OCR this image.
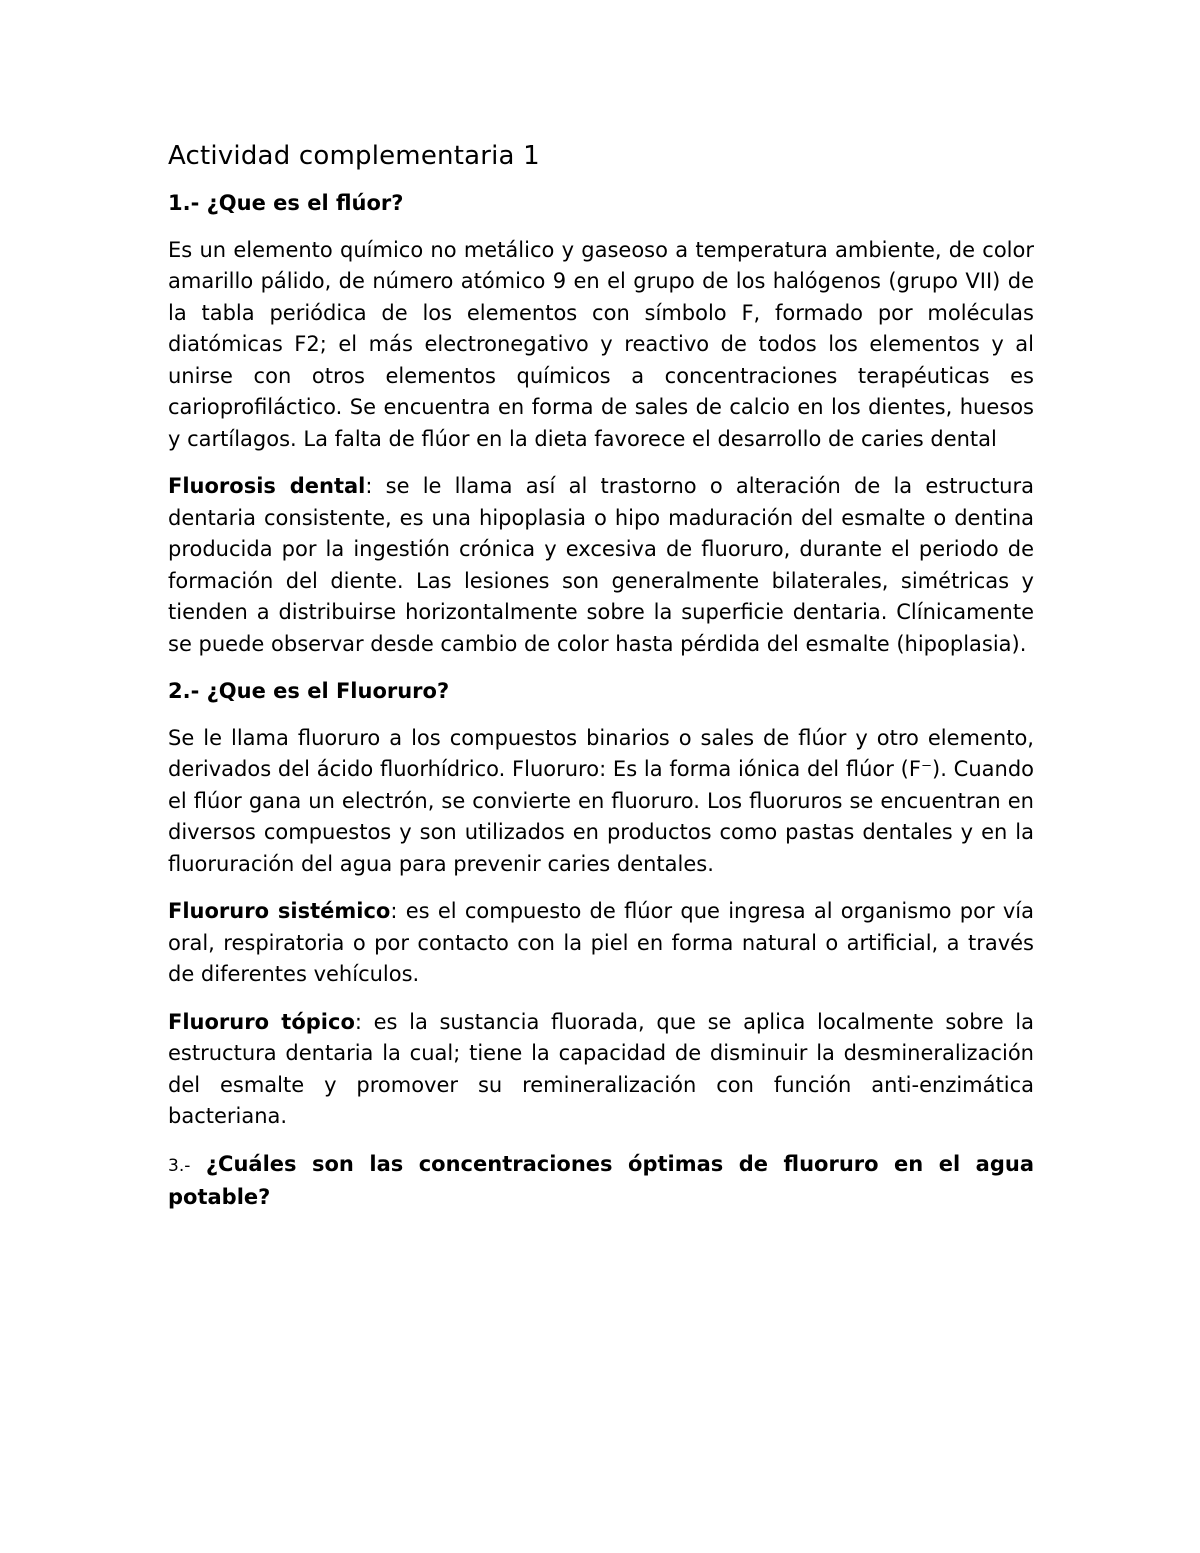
Actividad complementaria 1
1.- ¿Que es el flúor?

Es un elemento químico no metálico y gaseoso a temperatura ambiente, de color amarillo pálido, de número atómico 9 en el grupo de los halógenos (grupo VII) de la tabla periódica de los elementos con símbolo F, formado por moléculas diatómicas F2; el más electronegativo y reactivo de todos los elementos y al unirse con otros elementos químicos a concentraciones terapéuticas es carioprofiláctico. Se encuentra en forma de sales de calcio en los dientes, huesos y cartílagos. La falta de flúor en la dieta favorece el desarrollo de caries dental

Fluorosis dental: se le llama así al trastorno o alteración de la estructura dentaria consistente, es una hipoplasia o hipo maduración del esmalte o dentina producida por la ingestión crónica y excesiva de fluoruro, durante el periodo de formación del diente. Las lesiones son generalmente bilaterales, simétricas y tienden a distribuirse horizontalmente sobre la superficie dentaria. Clínicamente se puede observar desde cambio de color hasta pérdida del esmalte (hipoplasia).

2.- ¿Que es el Fluoruro?

Se le llama fluoruro a los compuestos binarios o sales de flúor y otro elemento, derivados del ácido fluorhídrico. Fluoruro: Es la forma iónica del flúor (F⁻). Cuando el flúor gana un electrón, se convierte en fluoruro. Los fluoruros se encuentran en diversos compuestos y son utilizados en productos como pastas dentales y en la fluoruración del agua para prevenir caries dentales.

Fluoruro sistémico: es el compuesto de flúor que ingresa al organismo por vía oral, respiratoria o por contacto con la piel en forma natural o artificial, a través de diferentes vehículos.

Fluoruro tópico: es la sustancia fluorada, que se aplica localmente sobre la estructura dentaria la cual; tiene la capacidad de disminuir la desmineralización del esmalte y promover su remineralización con función anti-enzimática bacteriana.

3.- ¿Cuáles son las concentraciones óptimas de fluoruro en el agua potable?
